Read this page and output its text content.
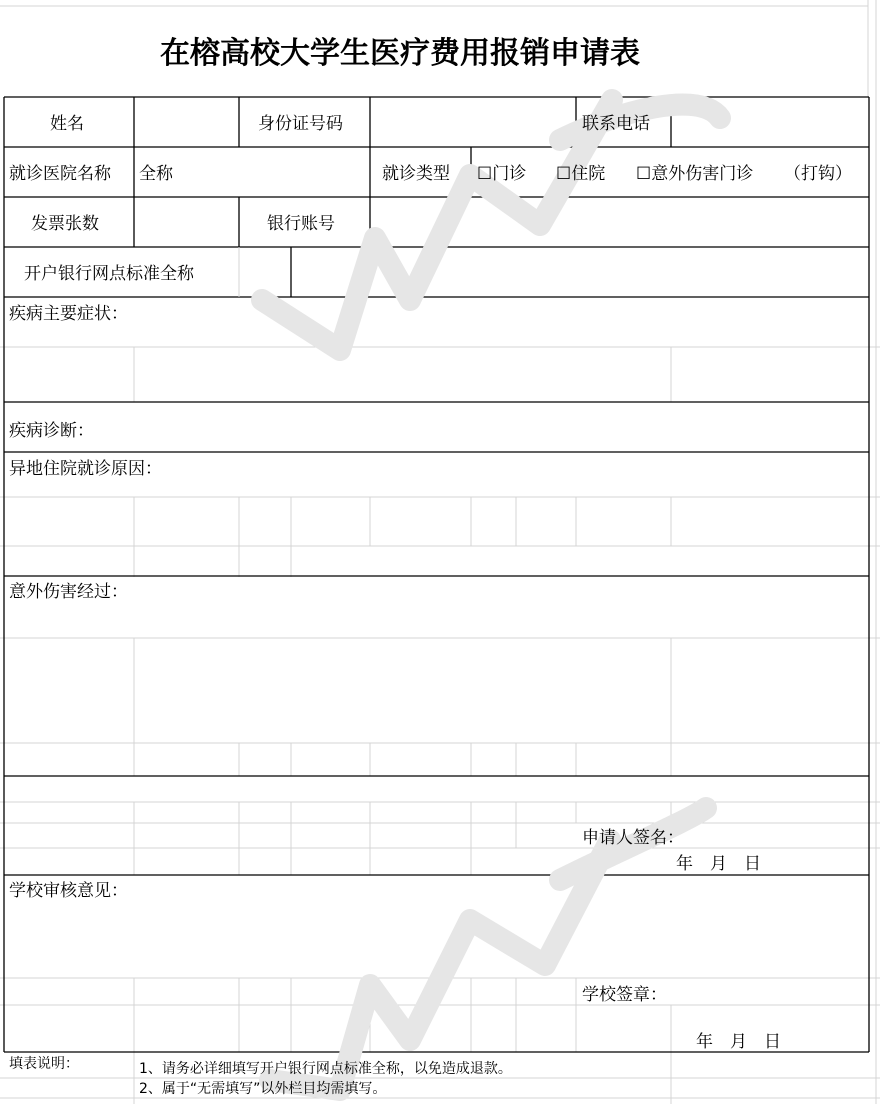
在榕高校大学生医疗费用报销申请表
姓名	身份证号码	联系电话
就诊医院名称 全称	就诊类型 ☐门诊 ☐住院 ☐意外伤害门诊 （打钩）
发票张数	银行账号
开户银行网点标准全称
疾病主要症状：
疾病诊断：
异地住院就诊原因：
意外伤害经过：
申请人签名：
年　月　日
学校审核意见：
学校签章：
年　月　日
填表说明：	1、请务必详细填写开户银行网点标准全称，以免造成退款。
2、属于“无需填写”以外栏目均需填写。
